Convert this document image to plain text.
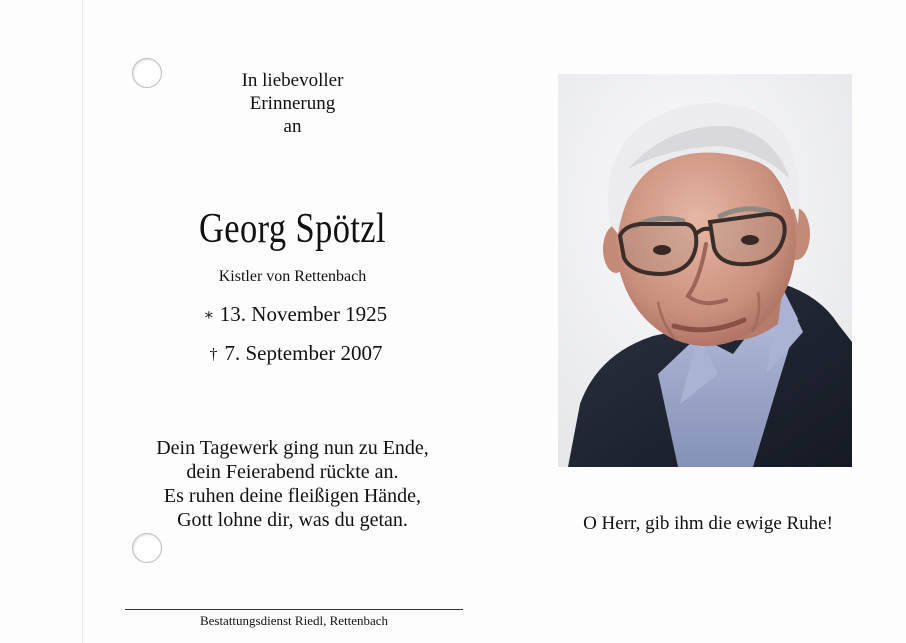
In liebevoller
Erinnerung
an
Georg Spötzl
Kistler von Rettenbach
∗ 13. November 1925
† 7. September 2007
Dein Tagewerk ging nun zu Ende,
dein Feierabend rückte an.
Es ruhen deine fleißigen Hände,
Gott lohne dir, was du getan.
Bestattungsdienst Riedl, Rettenbach
O Herr, gib ihm die ewige Ruhe!
